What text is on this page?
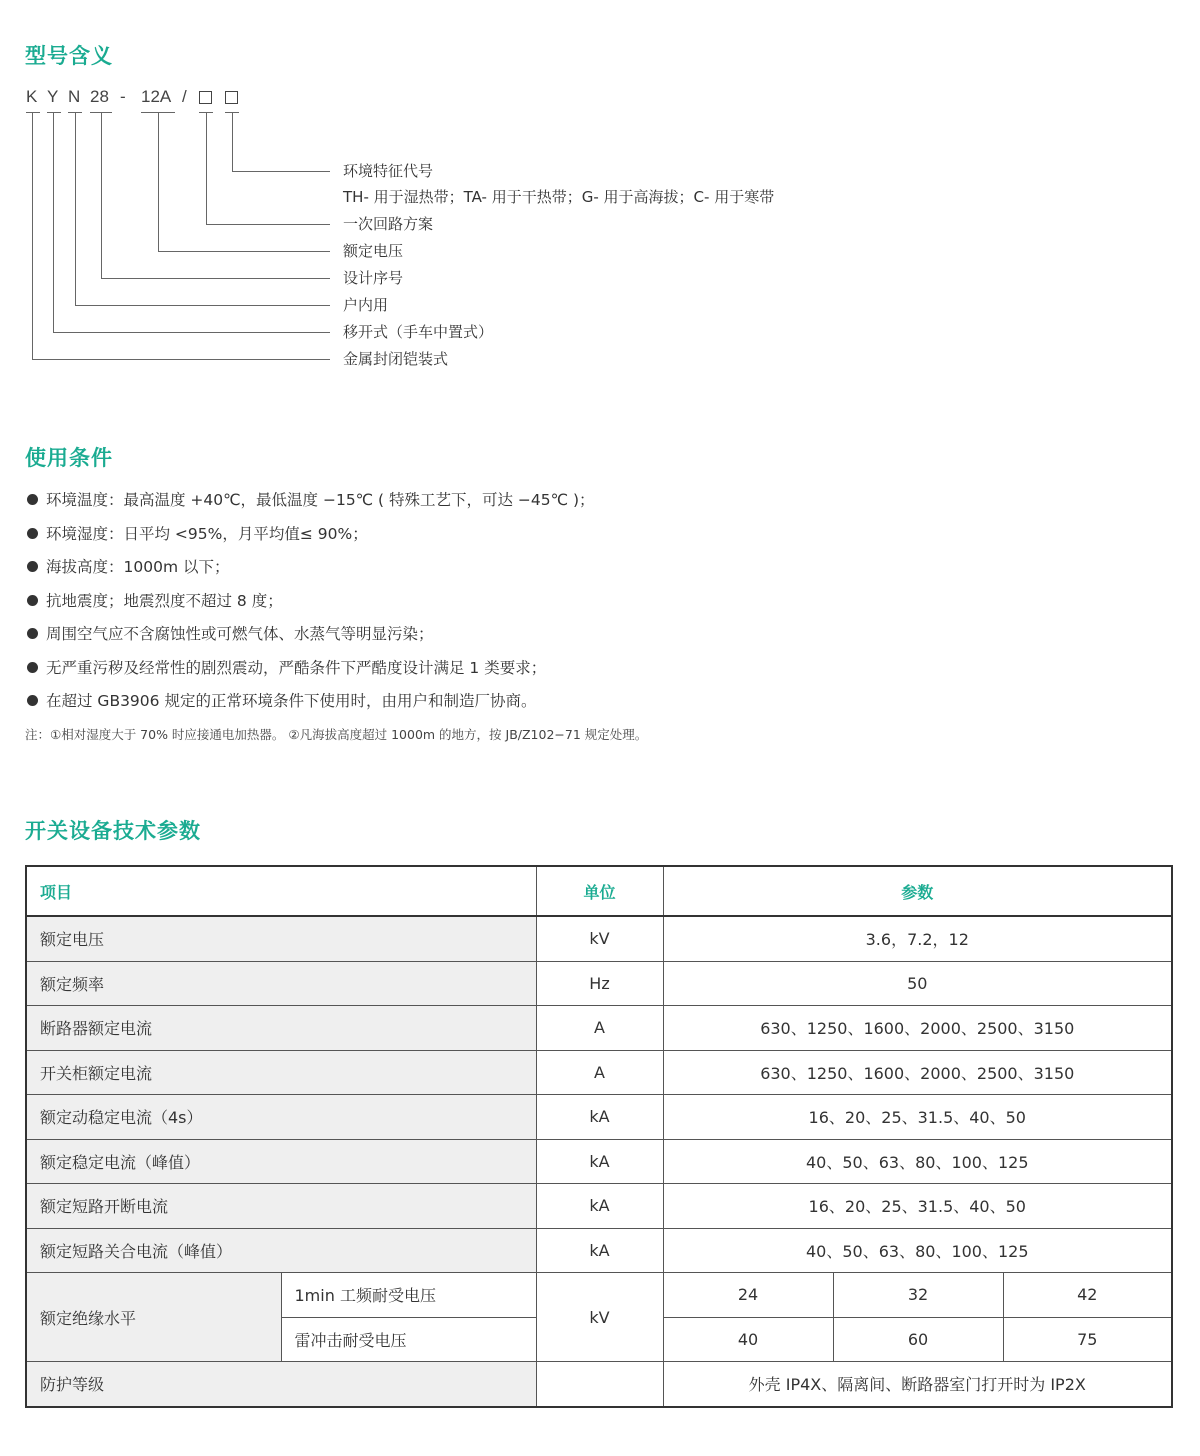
型号含义
K Y N 28 - 12A /
环境特征代号
TH- 用于湿热带；TA- 用于干热带；G- 用于高海拔；C- 用于寒带
一次回路方案
额定电压
设计序号
户内用
移开式（手车中置式）
金属封闭铠装式
使用条件
环境温度：最高温度 +40℃，最低温度 −15℃ ( 特殊工艺下，可达 −45℃ )；
环境湿度：日平均 <95%，月平均值≤ 90%；
海拔高度：1000m 以下；
抗地震度；地震烈度不超过 8 度；
周围空气应不含腐蚀性或可燃气体、水蒸气等明显污染；
无严重污秽及经常性的剧烈震动，严酷条件下严酷度设计满足 1 类要求；
在超过 GB3906 规定的正常环境条件下使用时，由用户和制造厂协商。
注：①相对湿度大于 70% 时应接通电加热器。 ②凡海拔高度超过 1000m 的地方，按 JB/Z102−71 规定处理。
开关设备技术参数
项目		单位	参数		
额定电压		kV	3.6，7.2，12		
额定频率		Hz	50		
断路器额定电流		A	630、1250、1600、2000、2500、3150		
开关柜额定电流		A	630、1250、1600、2000、2500、3150		
额定动稳定电流（4s）		kA	16、20、25、31.5、40、50		
额定稳定电流（峰值）		kA	40、50、63、80、100、125		
额定短路开断电流		kA	16、20、25、31.5、40、50		
额定短路关合电流（峰值）		kA	40、50、63、80、100、125		
额定绝缘水平	1min 工频耐受电压	kV	24	32	42
	雷冲击耐受电压		40	60	75
防护等级			外壳 IP4X、隔离间、断路器室门打开时为 IP2X		
